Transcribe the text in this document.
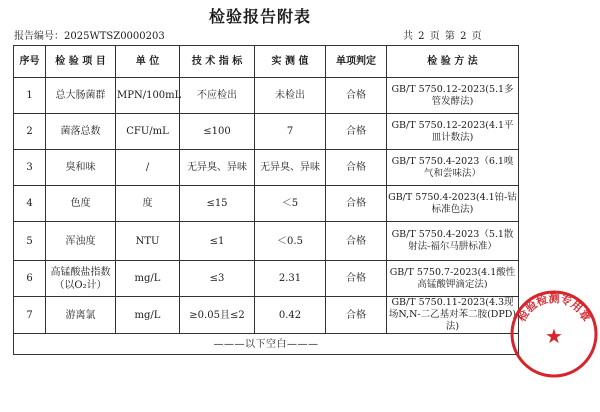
检验报告附表
报告编号：2025WTSZ0000203	共 2 页 第 2 页
序号	检 验 项 目	单 位	技 术 指 标	实 测 值	单项判定	检 验 方 法
1	总大肠菌群	MPN/100mL	不应检出	未检出	合格	GB/T 5750.12-2023(5.1多管发酵法)
2	菌落总数	CFU/mL	≤100	7	合格	GB/T 5750.12-2023(4.1平皿计数法)
3	臭和味	/	无异臭、异味	无异臭、异味	合格	GB/T 5750.4-2023（6.1嗅气和尝味法）
4	色度	度	≤15	＜5	合格	GB/T 5750.4-2023(4.1铂-钴标准色法)
5	浑浊度	NTU	≤1	＜0.5	合格	GB/T 5750.4-2023（5.1散射法-福尔马肼标准）
6	高锰酸盐指数（以O₂计）	mg/L	≤3	2.31	合格	GB/T 5750.7-2023(4.1酸性高锰酸钾滴定法)
7	游离氯	mg/L	≥0.05且≤2	0.42	合格	GB/T 5750.11-2023(4.3现场N,N-二乙基对苯二胺(DPD)法)
———以下空白———							★
检验检测专用章
